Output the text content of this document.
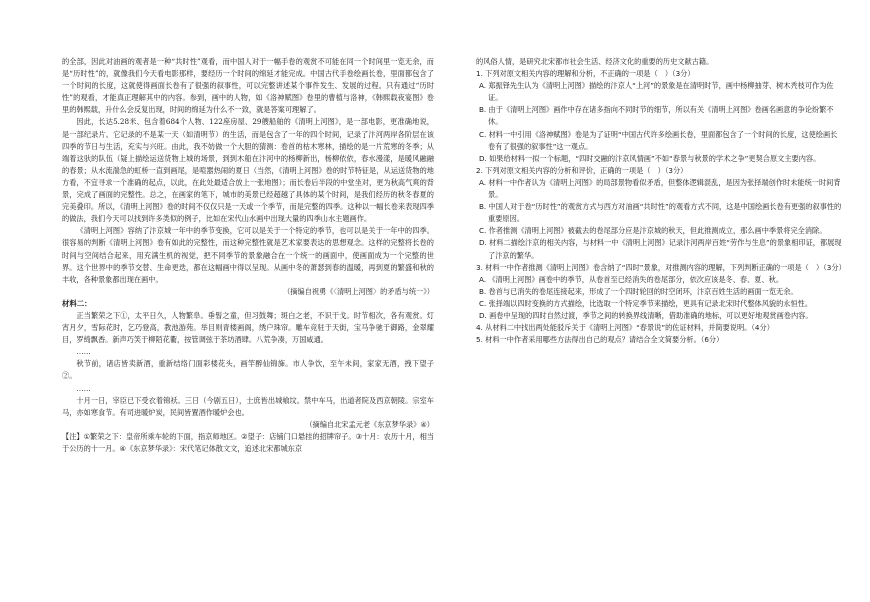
的全部，因此对油画的观者是一种“共时性”观看，而中国人对于一幅手卷的观赏不可能在同一个时间里一览无余，而是“历时性”的，就像我们今天看电影那样，要经历一个时间的绵延才能完成。中国古代手卷绘画长卷，里面都包含了一个时间的长度，这就使得画面长卷有了很强的叙事性，可以完整讲述某个事件发生、发展的过程。只有通过“历时性”的观看，才能真正理解其中的内容。参到，画中的人物，如《洛神赋图》卷里的曹植与洛神，《韩熙载夜宴图》卷里的韩熙载，升什么会反复出现，时间的绵延为什么不一致，就是答案可理解了。

因此，长达5.28米、包含着684个人物、122座房屋、29艘船舶的《清明上河图》，是一部电影，更准确地说，是一部纪录片。它记录的不是某一天（如清明节）的生活，而是包含了一年的四个时间，记录了汴河两岸各阶层在该四季的节日与生活，充实与兴旺。由此，我不妨做一个大胆的猜测：卷首的枯木寒林，描绘的是一片荒寒的冬季；从端着这驮的队伍（疑上描绘运送货物上城的场景，到到木船在汴河中的杨柳新出，杨柳依依，春水漫漾，是暖风融融的春景；从水流湍急的虹桥一直到画尾，是喧嚣热闹的夏日（当然，《清明上河图》卷的时节特征是，从运送货物的地方看，不宜寻求一个准确的起点，以此，在此处最适合放上一张地图）；而长卷后半段的中堂坐对，更为秋高气爽的背景，完成了画面的完整性。总之，在画家的笔下，城市的美景已经超越了具体的某个时间，是我们经历的秋冬春夏的完美叠印。所以，《清明上河图》卷的时间不仅仅只是一天或一个季节，而是完整的四季。这种以一幅长卷来表现四季的做法，我们今天可以找到许多类似的例子，比如在宋代山水画中出现大量的四季山水主题画作。

《清明上河图》容纳了汴京城一年中的季节变换，它可以是关于一个特定的季节，也可以是关于一年中的四季。很容易的判断《清明上河图》卷有如此的完整性，而这种完整性就是艺术家要表达的思想观念。这样的完整将长卷的时间与空间结合起来，用充满生机的视觉，把不同季节的景象融合在一个统一的画面中，使画面成为一个完整的世界。这个世界中的季节交替、生命更迭，都在这幅画中得以呈现。从画中冬的萧瑟到春的温暖，再到夏的繁盛和秋的丰收，各种景象都出现在画中。

（摘编自祝勇《〈清明上河图〉的矛盾与统一》）

材料二：

正当繁荣之下①，太平日久，人物繁阜。垂髫之童，但习鼓舞；斑白之老，不识干戈。时节相次，各有观赏。灯宵月夕，雪际花时，乞巧登高，教池游苑。举目则青楼画阁，绣户珠帘。雕车竞驻于天街，宝马争驰于御路，金翠耀目，罗绮飘香。新声巧笑于柳陌花衢，按管调弦于茶坊酒肆。八荒争凑，万国咸通。

……

秋节前，诸店皆卖新酒，重新结络门面彩楼花头，画竿醉仙锦旆。市人争饮，至午未间，家家无酒，拽下望子②。

……

十月一日，宰臣已下受衣着锦袄。三日（今剧五日），士庶皆出城飨坟。禁中车马，出道者院及西京朝陵。宗室车马，亦如寒食节。有司进暖炉炭，民间皆置酒作暖炉会也。

（摘编自北宋孟元老《东京梦华录》④）

【注】①繁荣之下：皇帝所乘车轮的下面，指京师地区。②望子：店铺门口悬挂的招牌帘子。③十月：农历十月，相当于公历的十一月。④《东京梦华录》：宋代笔记体散文文，追述北宋都城东京

的风俗人情，是研究北宋都市社会生活、经济文化的重要的历史文献古籍。

1. 下列对原文相关内容的理解和分析，不正确的一项是（　）（3分）

A. 郑振铎先生认为《清明上河图》描绘的汴京人“上河”的景象是在清明时节，画中杨柳抽芽、树木秃枝可作为佐证。

B. 由于《清明上河图》画作中存在诸多指向不同时节的细节，所以有关《清明上河图》卷画名画意的争论纷繁不休。

C. 材料一中引用《洛神赋图》卷是为了证明“中国古代许多绘画长卷，里面都包含了一个时间的长度，这使绘画长卷有了很强的叙事性”这一观点。

D. 如果给材料一拟一个标题，“四时交融的汴京风情画”不如“春景与秋景的学术之争”更契合原文主要内容。

2. 下列对原文相关内容的分析和评价，正确的一项是（　）（3分）

A. 材料一中作者认为《清明上河图》的局部景物看似矛盾，但整体逻辑混乱，是因为张择端创作时未能统一时间背景。

B. 中国人对于卷“历时性”的观赏方式与西方对油画“共时性”的观看方式不同，这是中国绘画长卷有更强的叙事性的重要原因。

C. 作者推测《清明上河图》被截去的卷尾部分应是汴京城的秋天，但此推测成立，那么画中季景将完全消除。

D. 材料二描绘汴京的相关内容，与材料一中《清明上河图》记录汴河两岸百姓“劳作与生息”的景象相印证，都展现了汴京的繁华。

3. 材料一中作者推测《清明上河图》卷含纳了“四时”景象，对推测内容的理解，下列判断正确的一项是（　）（3分）

A. 《清明上河图》画卷中的季节，从卷首至已经消失的卷尾部分，依次应该是冬、春、夏、秋。

B. 卷首与已消失的卷尾连接起来，形成了一个四时轮回的时空闭环，汴京百姓生活的画面一览无余。

C. 张择端以四时变换的方式描绘，比选取一个特定季节来描绘，更具有记录北宋时代整体风貌的永恒性。

D. 画卷中呈现的四时自然过渡，季节之间的转换界线清晰，借助准确的地标，可以更好地观赏画卷内容。

4. 从材料二中找出两处能驳斥关于《清明上河图》“春景说”的佐证材料，并简要说明。（4分）

5. 材料一中作者采用哪些方法得出自己的观点？请结合全文简要分析。（6分）
